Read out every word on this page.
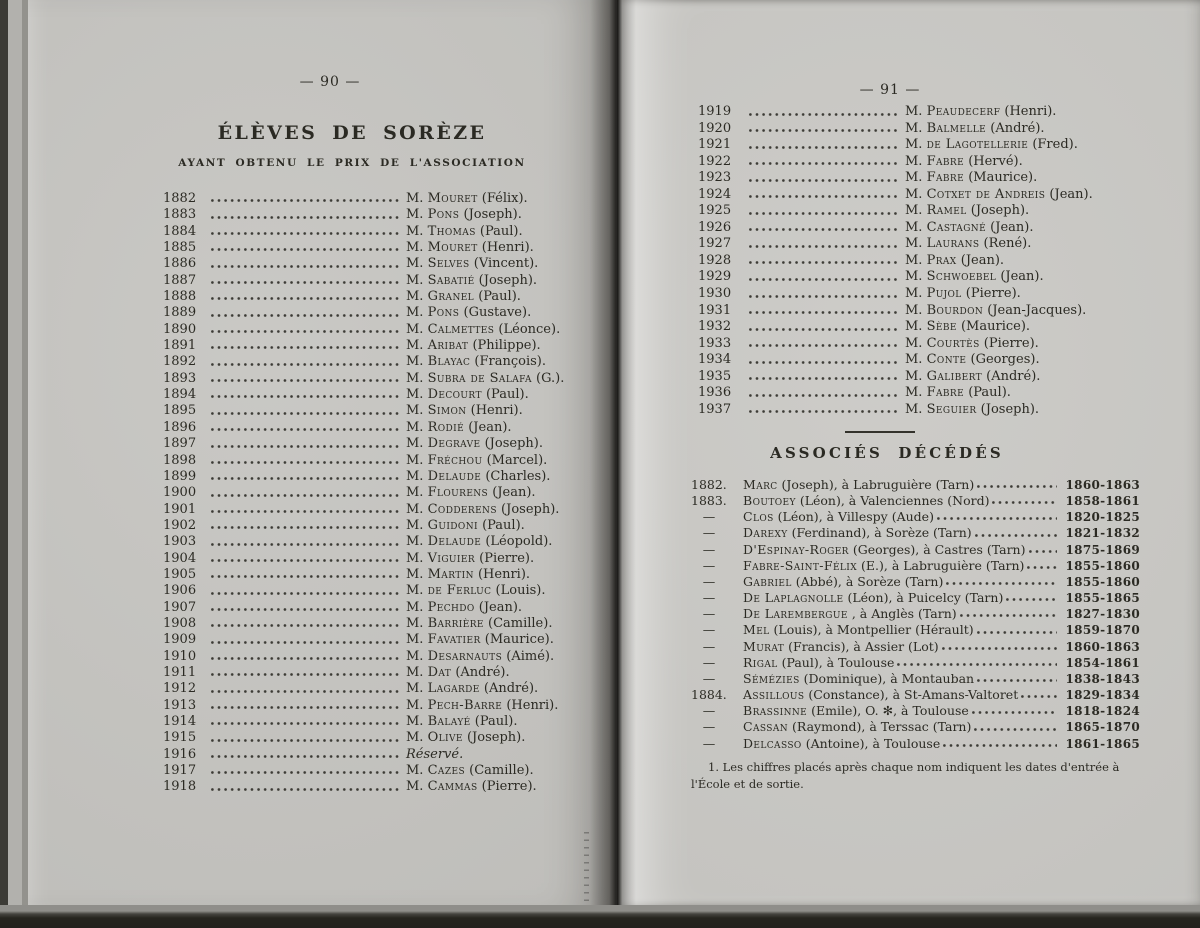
— 90 —
ÉLÈVES DE SORÈZE
AYANT OBTENU LE PRIX DE L'ASSOCIATION
1882	M. Mouret (Félix).
1883	M. Pons (Joseph).
1884	M. Thomas (Paul).
1885	M. Mouret (Henri).
1886	M. Selves (Vincent).
1887	M. Sabatié (Joseph).
1888	M. Granel (Paul).
1889	M. Pons (Gustave).
1890	M. Calmettes (Léonce).
1891	M. Aribat (Philippe).
1892	M. Blayac (François).
1893	M. Subra de Salafa (G.).
1894	M. Decourt (Paul).
1895	M. Simon (Henri).
1896	M. Rodié (Jean).
1897	M. Degrave (Joseph).
1898	M. Fréchou (Marcel).
1899	M. Delaude (Charles).
1900	M. Flourens (Jean).
1901	M. Codderens (Joseph).
1902	M. Guidoni (Paul).
1903	M. Delaude (Léopold).
1904	M. Viguier (Pierre).
1905	M. Martin (Henri).
1906	M. de Ferluc (Louis).
1907	M. Pechdo (Jean).
1908	M. Barrière (Camille).
1909	M. Favatier (Maurice).
1910	M. Desarnauts (Aimé).
1911	M. Dat (André).
1912	M. Lagarde (André).
1913	M. Pech-Barre (Henri).
1914	M. Balayé (Paul).
1915	M. Olive (Joseph).
1916	Réservé.
1917	M. Cazes (Camille).
1918	M. Cammas (Pierre).
— 91 —
1919	M. Peaudecerf (Henri).
1920	M. Balmelle (André).
1921	M. de Lagotellerie (Fred).
1922	M. Fabre (Hervé).
1923	M. Fabre (Maurice).
1924	M. Cotxet de Andreis (Jean).
1925	M. Ramel (Joseph).
1926	M. Castagné (Jean).
1927	M. Laurans (René).
1928	M. Prax (Jean).
1929	M. Schwoebel (Jean).
1930	M. Pujol (Pierre).
1931	M. Bourdon (Jean-Jacques).
1932	M. Sèbe (Maurice).
1933	M. Courtès (Pierre).
1934	M. Conte (Georges).
1935	M. Galibert (André).
1936	M. Fabre (Paul).
1937	M. Seguier (Joseph).
ASSOCIÉS DÉCÉDÉS
1882.	Marc (Joseph), à Labruguière (Tarn)	1860-1863
1883.	Boutoey (Léon), à Valenciennes (Nord)	1858-1861
—	Clos (Léon), à Villespy (Aude)	1820-1825
—	Darexy (Ferdinand), à Sorèze (Tarn)	1821-1832
—	D'Espinay-Roger (Georges), à Castres (Tarn)	1875-1869
—	Fabre-Saint-Félix (E.), à Labruguière (Tarn)	1855-1860
—	Gabriel (Abbé), à Sorèze (Tarn)	1855-1860
—	De Laplagnolle (Léon), à Puicelcy (Tarn)	1855-1865
—	De Larembergue , à Anglès (Tarn)	1827-1830
—	Mel (Louis), à Montpellier (Hérault)	1859-1870
—	Murat (Francis), à Assier (Lot)	1860-1863
—	Rigal (Paul), à Toulouse	1854-1861
—	Sémézies (Dominique), à Montauban	1838-1843
1884.	Assillous (Constance), à St-Amans-Valtoret	1829-1834
—	Brassinne (Emile), O. ✻, à Toulouse	1818-1824
—	Cassan (Raymond), à Terssac (Tarn)	1865-1870
—	Delcasso (Antoine), à Toulouse	1861-1865
1. Les chiffres placés après chaque nom indiquent les dates d'entrée à
l'École et de sortie.
